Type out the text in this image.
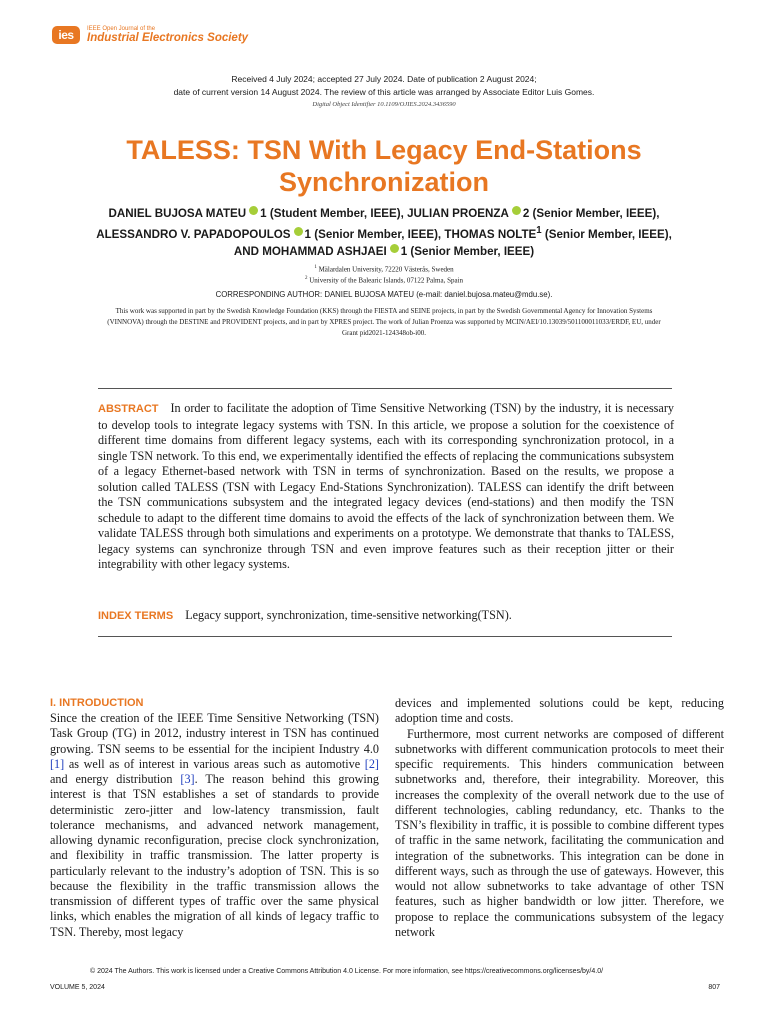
ies	IEEE Open Journal of the
Industrial Electronics Society
Received 4 July 2024; accepted 27 July 2024. Date of publication 2 August 2024;
date of current version 14 August 2024. The review of this article was arranged by Associate Editor Luis Gomes.
Digital Object Identifier 10.1109/OJIES.2024.3436590
TALESS: TSN With Legacy End-Stations
Synchronization
DANIEL BUJOSA MATEU 1 (Student Member, IEEE), JULIAN PROENZA 2 (Senior Member, IEEE),
ALESSANDRO V. PAPADOPOULOS 1 (Senior Member, IEEE), THOMAS NOLTE$^1$ (Senior Member, IEEE),
AND MOHAMMAD ASHJAEI 1 (Senior Member, IEEE)
$^1$ Mälardalen University, 72220 Västerås, Sweden
$^2$ University of the Balearic Islands, 07122 Palma, Spain
CORRESPONDING AUTHOR: DANIEL BUJOSA MATEU (e-mail: daniel.bujosa.mateu@mdu.se).
This work was supported in part by the Swedish Knowledge Foundation (KKS) through the FIESTA and SEINE projects, in part by the Swedish Governmental Agency for Innovation Systems (VINNOVA) through the DESTINE and PROVIDENT projects, and in part by XPRES project. The work of Julian Proenza was supported by MCIN/AEI/10.13039/501100011033/ERDF, EU, under Grant pid2021-124348ob-i00.
ABSTRACT In order to facilitate the adoption of Time Sensitive Networking (TSN) by the industry, it is necessary to develop tools to integrate legacy systems with TSN. In this article, we propose a solution for the coexistence of different time domains from different legacy systems, each with its corresponding synchronization protocol, in a single TSN network. To this end, we experimentally identified the effects of replacing the communications subsystem of a legacy Ethernet-based network with TSN in terms of synchronization. Based on the results, we propose a solution called TALESS (TSN with Legacy End-Stations Synchronization). TALESS can identify the drift between the TSN communications subsystem and the integrated legacy devices (end-stations) and then modify the TSN schedule to adapt to the different time domains to avoid the effects of the lack of synchronization between them. We validate TALESS through both simulations and experiments on a prototype. We demonstrate that thanks to TALESS, legacy systems can synchronize through TSN and even improve features such as their reception jitter or their integrability with other legacy systems.
INDEX TERMS Legacy support, synchronization, time-sensitive networking(TSN).
I. INTRODUCTION

Since the creation of the IEEE Time Sensitive Networking (TSN) Task Group (TG) in 2012, industry interest in TSN has continued growing. TSN seems to be essential for the incipient Industry 4.0 [1] as well as of interest in various areas such as automotive [2] and energy distribution [3]. The reason behind this growing interest is that TSN establishes a set of standards to provide deterministic zero-jitter and low-latency transmission, fault tolerance mechanisms, and advanced network management, allowing dynamic reconfiguration, precise clock synchronization, and flexibility in traffic transmission. The latter property is particularly relevant to the industry’s adoption of TSN. This is so because the flexibility in the traffic transmission allows the transmission of different types of traffic over the same physical links, which enables the migration of all kinds of legacy traffic to TSN. Thereby, most legacy

devices and implemented solutions could be kept, reducing adoption time and costs.

Furthermore, most current networks are composed of different subnetworks with different communication protocols to meet their specific requirements. This hinders communication between subnetworks and, therefore, their integrability. Moreover, this increases the complexity of the overall network due to the use of different technologies, cabling redundancy, etc. Thanks to the TSN’s flexibility in traffic, it is possible to combine different types of traffic in the same network, facilitating the communication and integration of the subnetworks. This integration can be done in different ways, such as through the use of gateways. However, this would not allow subnetworks to take advantage of other TSN features, such as higher bandwidth or low jitter. Therefore, we propose to replace the communications subsystem of the legacy network

© 2024 The Authors. This work is licensed under a Creative Commons Attribution 4.0 License. For more information, see https://creativecommons.org/licenses/by/4.0/
VOLUME 5, 2024	807
